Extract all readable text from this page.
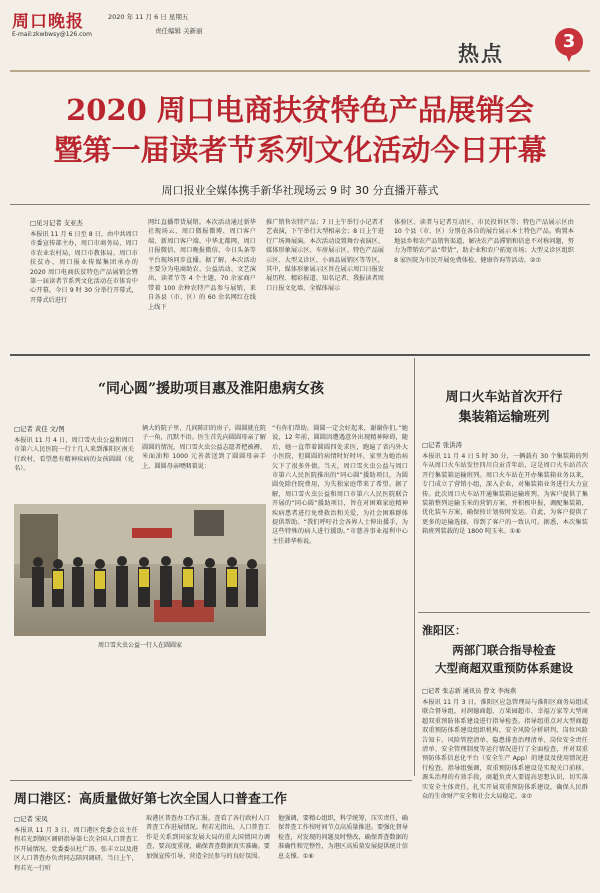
周口晚报
E-mail:zkwbwsy@126.com
2020 年 11 月 6 日 星期五
责任编辑 关新丽
热点	3
2020 周口电商扶贫特色产品展销会
暨第一届读者节系列文化活动今日开幕
周口报业全媒体携手新华社现场云 9 时 30 分直播开幕式
□见习记者 支亚杰
本报讯 11 月 6 日至 8 日，由中共周口市委宣传部主办，周口市商务局、周口市农业农村局、周口市教体局、周口市扶贫办、周口报业传媒集团承办的 2020 周口电商扶贫特色产品展销会暨第一届读者节系列文化活动在市体育中心开幕，今日 9 时 30 分举行开幕式，开幕式后进行
网红直播带货展销。本次活动通过新华社现场云、周口微报微博、周口客户端、新周口客户端、中华北都网、周口日报微信、周口晚报微信、今日头条等平台现场同步直播。据了解，本次活动主要分为电商助农、公益活动、文艺演出、读者节等 4 个主题，70 余家商户带着 100 余种农特产品参与展销，来自各县（市、区）的 60 余名网红在线上线下
推广销售农特产品；7 日上午举行小记者才艺表演，下午举行大型相亲会；8 日上午进行广场舞展演。本次活动设置舞台表演区、媒体形象展示区、车房展示区、特色产品展示区、大型义诊区、小商品展销区等等区，其中，媒体形象展示区旨在展示周口日报发展历程、精彩报道、知名记者、我报读者周口日报文化墙、全媒体展示
体验区、读者与记者互动区、市民投诉区等；特色产品展示区由 10 个县（市、区）分别在各自的展台展示本土特色产品。购置本地县乡和农产品销售渠道，解决农产品滞销和信息不对称问题，努力为带销农产品“带货”，助企业和农户拓宽市场；大型义诊区组织 8 家医院为市民开展免费体检、健康咨询等活动。②⑦
“同心圆”援助项目惠及淮阳患病女孩
□记者 黄佳 文/图
本报讯 11 月 4 日，周口雪火虫公益和周口市第六人民医院一行十几人来到淮阳区南关行政村，看望患有精神疾病的女孩圆圆（化名）。
俩大的院子里，几间陈旧的房子，圆圆就在院子一角，沉默不语。医生首先向圆圆母亲了解圆圆的情况，周口雪火虫公益志愿者把被褥、米面油和 1000 元善款送到了圆圆母亲手上，圆圆母亲哽咽着说：
“有你们帮助，圆圆一定会好起来，谢谢你们。”她说，12 年前，圆圆因遭遇意外出现精神障碍，随后，她一直带着圆圆四处求医，跑遍了省内外大小医院，但圆圆的病情时好时坏，家里为她治病欠下了很多外债。当天，周口雪火虫公益与周口市第六人民医院推出的“同心圆”援助项目，为圆圆免除住院费用，为失独家庭带来了希望。据了解，周口雪火虫公益和周口市第六人民医院联合开展的“同心圆”援助项目，旨在对困难家庭精神疾病患者进行免费救治和关爱，为社会困难群体提供帮助。“我们呼吁社会各界人士伸出援手，为这些特殊的病人进行援助。”市慈善事业福利中心主任韩华称说。
周口雪火虫公益一行人在圆圆家
周口火车站首次开行
集装箱运输班列
□记者 张洪涛
本报讯 11 月 4 日 5 时 30 分，一辆载有 30 个集装箱的列车从周口火车站发往四川自贡青年站，这是周口火车站首次开行集装箱运输班列。周口火车站在开办集装箱业务以来，专门成立了营销小组，深入企业，对集装箱业务进行大力宣传。此次周口火车站开通集装箱运输班列，为客户提供了集装箱整列运输玉米的营销方案，并积极申报，调配集装箱，优化装车方案，确保按计划按时发运。自此，为客户提供了更多的运输选择，得到了客户的一致认可。据悉，本次集装箱班列装载的是 1800 吨玉米。①⑥
淮阳区：
两部门联合指导检查
大型商超双重预防体系建设
□记者 张志新 通讯员 曹文 李海燕
本报讯 11 月 3 日，淮阳区应急管理局与淮阳区商务局组成联合督导组，对润德商超、万果园超市、幸福万家等大型商超双重预防体系建设进行指导检查。指导组重点对大型商超双重预防体系建设组织机构、安全风险分析研判、岗位风险告知卡、风险管控清单、隐患排查治理清单、岗位安全责任清单、安全管理制度等运行情况进行了全面检查，并对双重预防体系信息化平台（安全生产 App）的建设及使用情况进行检查。指导组强调，双重预防体系建设是实现关口前移、源头治理的有效手段，商超负责人要提高思想认识，切实落实安全主体责任，扎实开展双重预防体系建设，确保人民群众的生命财产安全和社会大局稳定。②⑦
周口港区：高质量做好第七次全国人口普查工作
□记者 宋凤
本报讯 11 月 3 日，周口港区党委会议主任程若光到镇区调研指导第七次全国人口普查工作开展情况。党委委员杜广涛、张丰立以及港区人口普查办负责同志陪同调研。当日上午，程若光一行听
取港区普查办工作汇报，查看了各行政村人口普查工作进展情况。程若光指出，人口普查工作是关系到国家发展大局的重大国情国力调查，要高度重视，确保普查数据真实准确。要加强宣传引导，营造全民参与的良好氛围。
他强调，要精心组织，科学统筹，压实责任，确保普查工作按时间节点高质量推进。要强化督导检查，对发现的问题及时整改，确保普查数据的准确性和完整性，为港区高质量发展提供统计信息支撑。①⑥
